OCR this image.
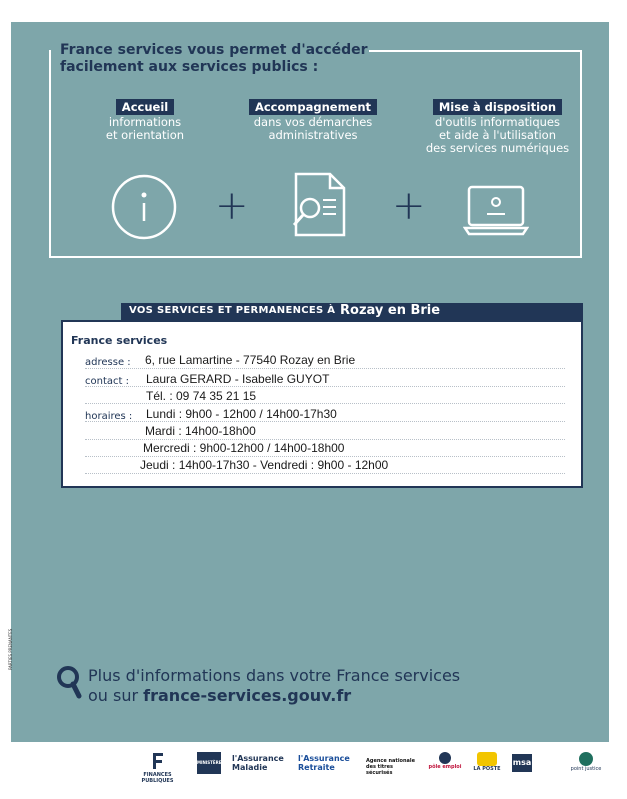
France services vous permet d'accéder
facilement aux services publics :
Accueil
informations
et orientation
Accompagnement
dans vos démarches
administratives
Mise à disposition
d'outils informatiques
et aide à l'utilisation
des services numériques
+	+
VOS SERVICES ET PERMANENCES À Rozay en Brie
France services
adresse : 6, rue Lamartine - 77540 Rozay en Brie
contact : Laura GERARD - Isabelle GUYOT
Tél. : 09 74 35 21 15
horaires : Lundi : 9h00 - 12h00 / 14h00-17h30
Mardi : 14h00-18h00
Mercredi : 9h00-12h00 / 14h00-18h00
Jeudi : 14h00-17h30 - Vendredi : 9h00 - 12h00
Plus d'informations dans votre France services
ou sur france-services.gouv.fr
PARTIES PRENANTES
FINANCES PUBLIQUES
MINISTÈRE l'Assurance Maladie
l'Assurance Retraite
Agence nationale des titres sécurisés
pôle emploi	LA POSTE
msa
point justice
